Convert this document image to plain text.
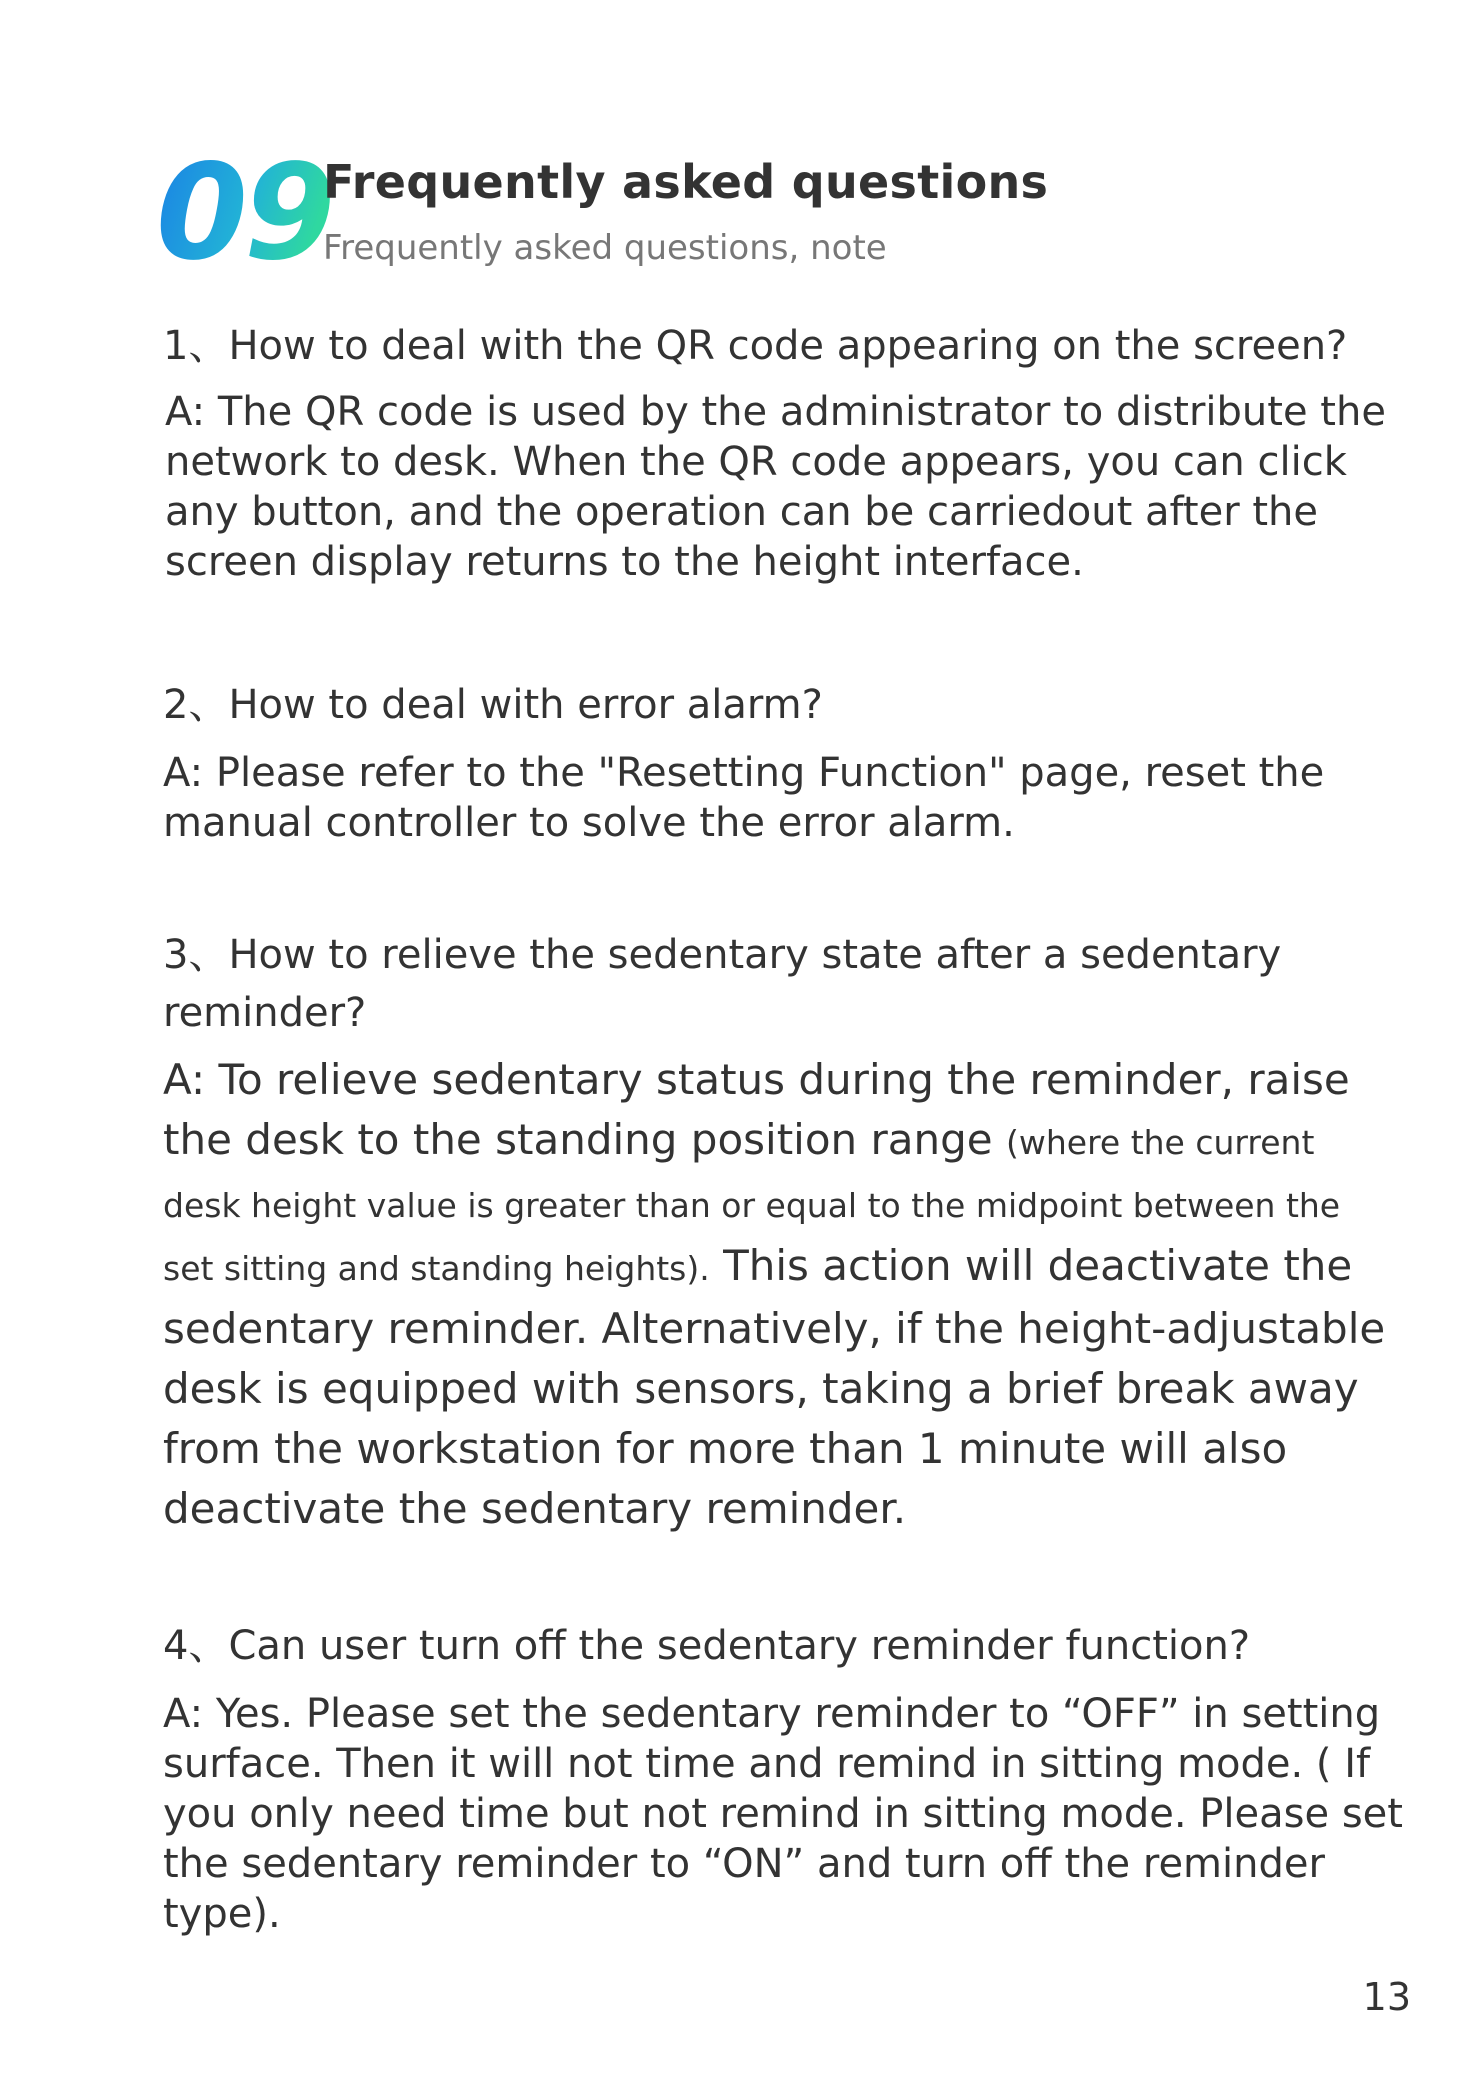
09
Frequently asked questions
Frequently asked questions, note
1、How to deal with the QR code appearing on the screen?
A: The QR code is used by the administrator to distribute the network to desk. When the QR code appears, you can click any button, and the operation can be carriedout after the screen display returns to the height interface.
2、How to deal with error alarm?
A: Please refer to the "Resetting Function" page, reset the manual controller to solve the error alarm.
3、How to relieve the sedentary state after a sedentary reminder?
A: To relieve sedentary status during the reminder, raise the desk to the standing position range (where the current desk height value is greater than or equal to the midpoint between the set sitting and standing heights). This action will deactivate the sedentary reminder. Alternatively, if the height-adjustable desk is equipped with sensors, taking a brief break away from the workstation for more than 1 minute will also deactivate the sedentary reminder.
4、Can user turn off the sedentary reminder function?
A: Yes. Please set the sedentary reminder to “OFF” in setting surface. Then it will not time and remind in sitting mode. ( If you only need time but not remind in sitting mode. Please set the sedentary reminder to “ON” and turn off the reminder type).
13
